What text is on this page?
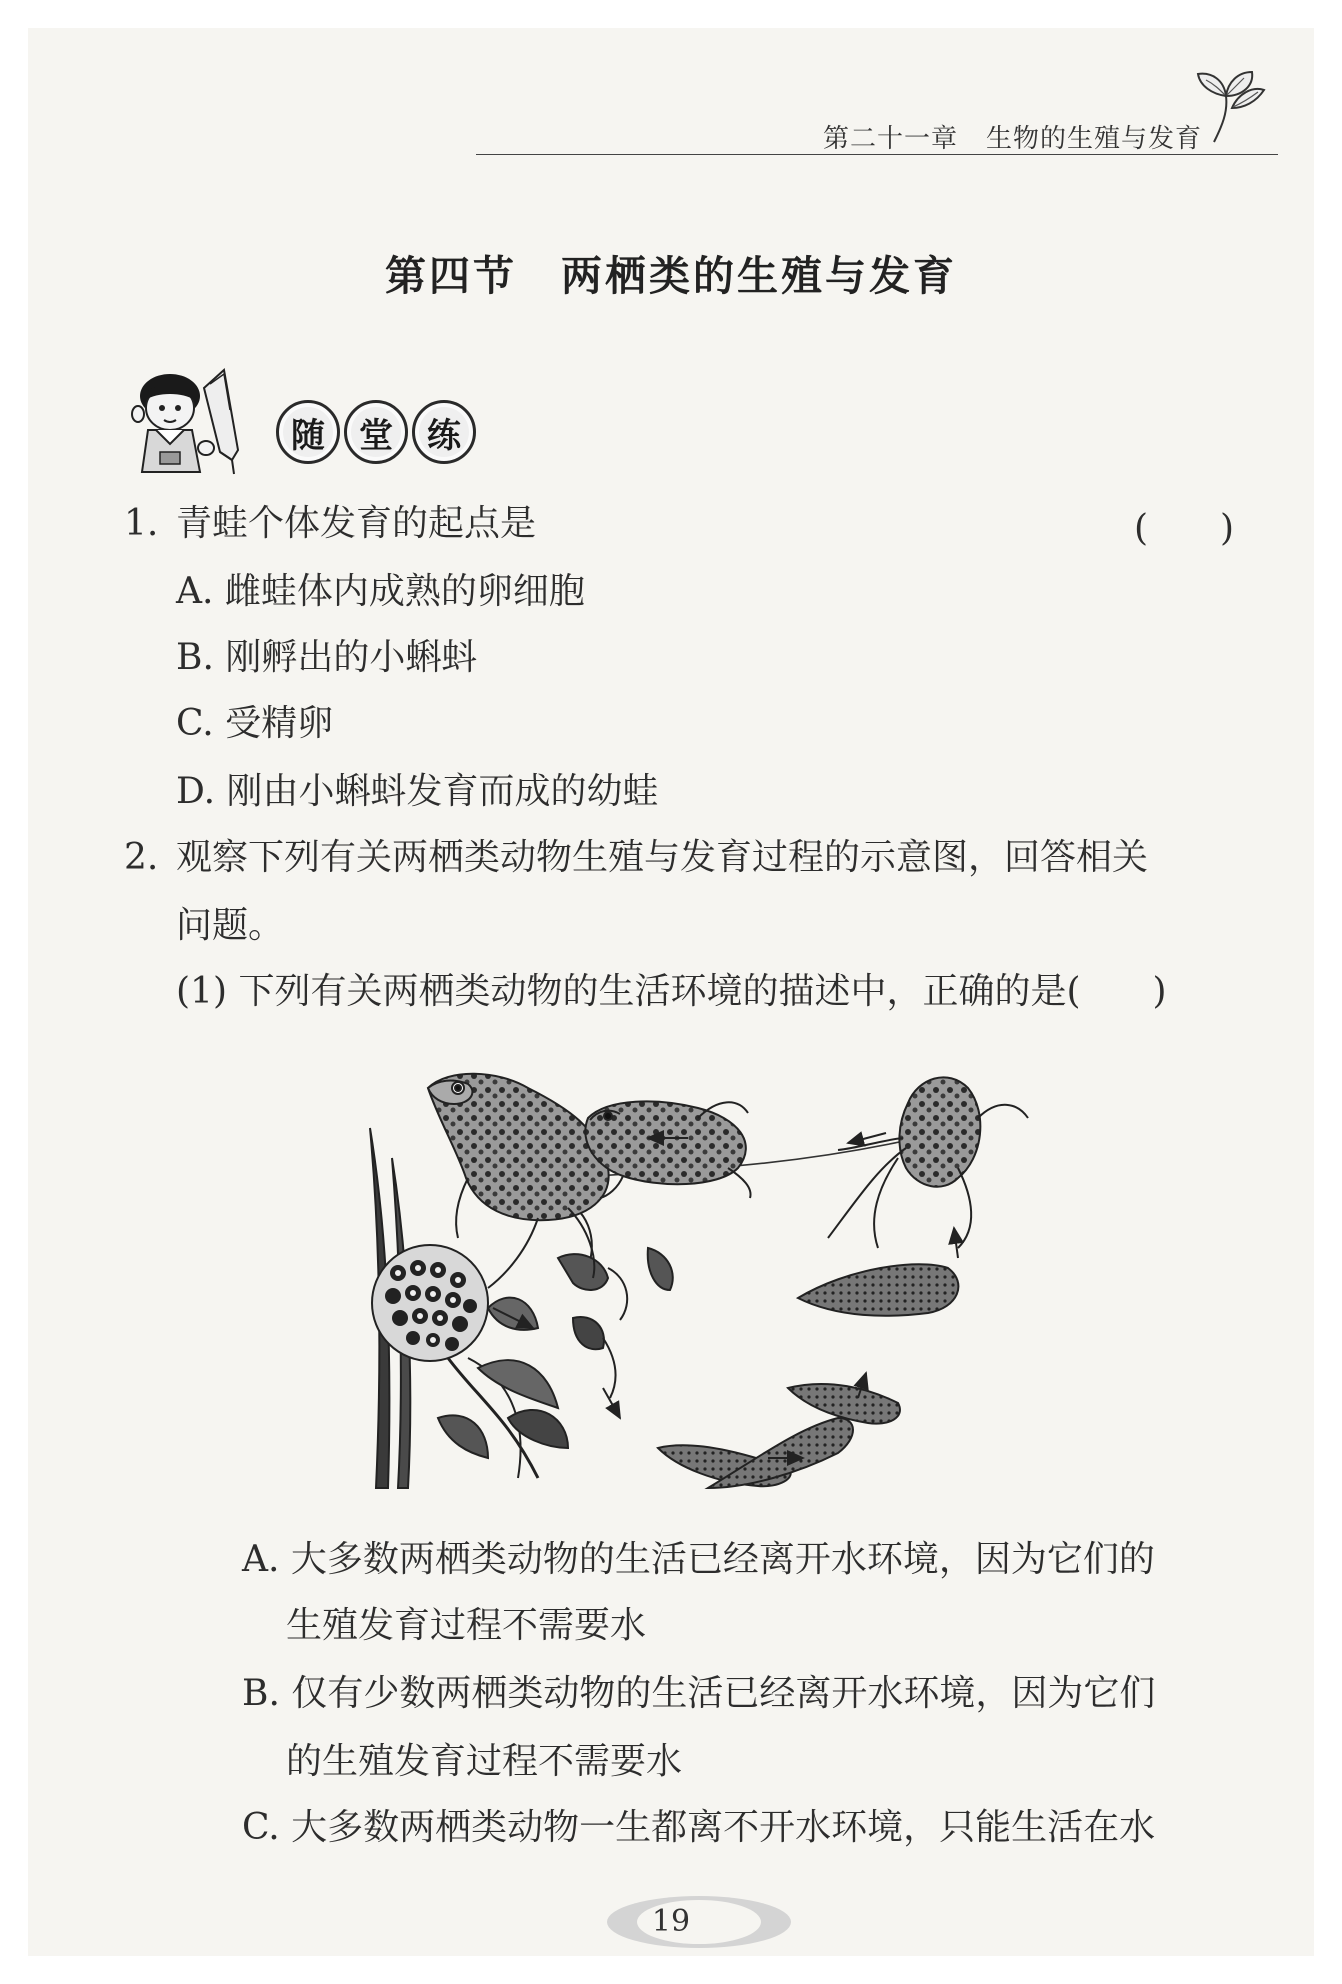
第二十一章 生物的生殖与发育
第四节 两栖类的生殖与发育
随	堂	练
1. 青蛙个体发育的起点是	(　　)
A. 雌蛙体内成熟的卵细胞
B. 刚孵出的小蝌蚪
C. 受精卵
D. 刚由小蝌蚪发育而成的幼蛙
2. 观察下列有关两栖类动物生殖与发育过程的示意图，回答相关
问题。
(1) 下列有关两栖类动物的生活环境的描述中，正确的是(　　)
A. 大多数两栖类动物的生活已经离开水环境，因为它们的
生殖发育过程不需要水
B. 仅有少数两栖类动物的生活已经离开水环境，因为它们
的生殖发育过程不需要水
C. 大多数两栖类动物一生都离不开水环境，只能生活在水
19
